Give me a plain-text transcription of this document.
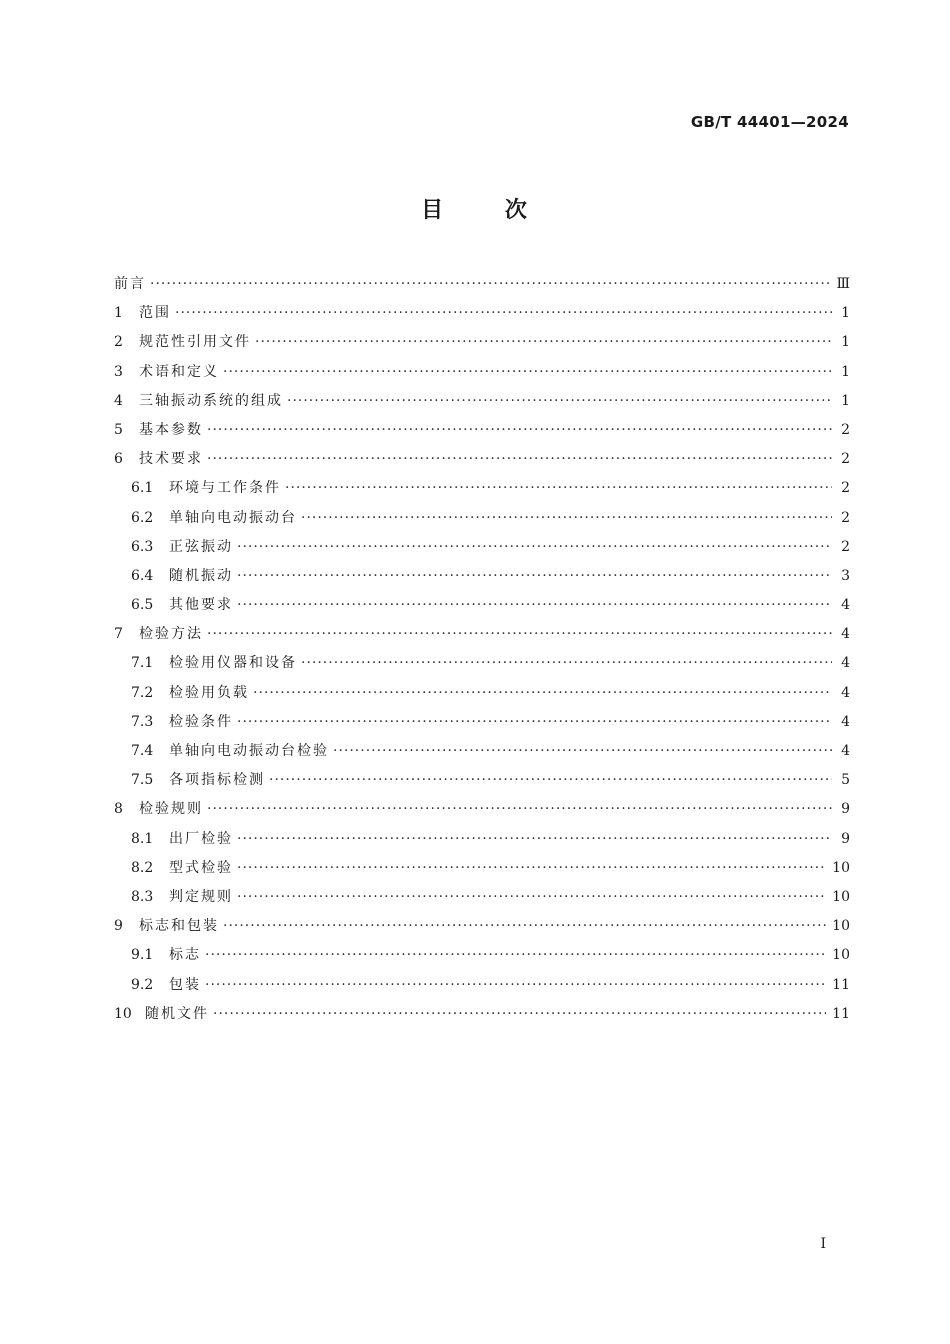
GB/T 44401—2024
目 次
前言 ·····	Ⅲ
1	范围 ·····	1
2	规范性引用文件 ·····	1
3	术语和定义 ·····	1
4	三轴振动系统的组成 ·····	1
5	基本参数 ·····	2
6	技术要求 ·····	2
6.1	环境与工作条件 ·····	2
6.2	单轴向电动振动台 ·····	2
6.3	正弦振动 ·····	2
6.4	随机振动 ·····	3
6.5	其他要求 ·····	4
7	检验方法 ·····	4
7.1	检验用仪器和设备 ·····	4
7.2	检验用负载 ·····	4
7.3	检验条件 ·····	4
7.4	单轴向电动振动台检验 ·····	4
7.5	各项指标检测 ·····	5
8	检验规则 ·····	9
8.1	出厂检验 ·····	9
8.2	型式检验 ·····	10
8.3	判定规则 ·····	10
9	标志和包装 ·····	10
9.1	标志 ·····	10
9.2	包装 ·····	11
10 随机文件 ·····	11
I
